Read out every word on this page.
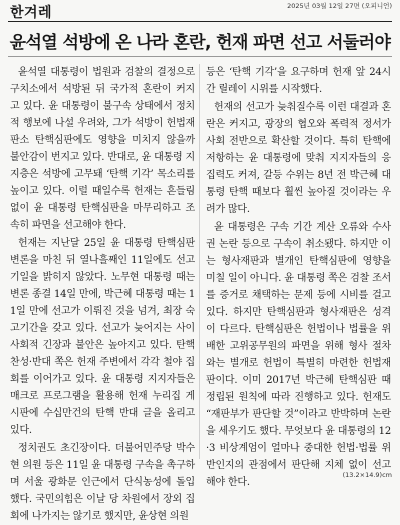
한겨레	2025년 03월 12일 27면 (오피니언)
윤석열 석방에 온 나라 혼란, 헌재 파면 선고 서둘러야

윤석열 대통령이 법원과 검찰의 결정으로 구치소에서 석방된 뒤 국가적 혼란이 커지고 있다. 윤 대통령이 불구속 상태에서 정치적 행보에 나설 우려와, 그가 석방이 헌법재판소 탄핵심판에도 영향을 미치지 않을까 불안감이 번지고 있다. 반대로, 윤 대통령 지지층은 석방에 고무돼 ‘탄핵 기각’ 목소리를 높이고 있다. 이럴 때일수록 헌재는 흔들림 없이 윤 대통령 탄핵심판을 마무리하고 조속히 파면을 선고해야 한다.

헌재는 지난달 25일 윤 대통령 탄핵심판 변론을 마친 뒤 열나흘째인 11일에도 선고기일을 밝히지 않았다. 노무현 대통령 때는 변론 종결 14일 만에, 박근혜 대통령 때는 11일 만에 선고가 이뤄진 것을 넘겨, 최장 숙고기간을 갖고 있다. 선고가 늦어지는 사이 사회적 긴장과 불안은 높아지고 있다. 탄핵 찬성·반대 쪽은 헌재 주변에서 각각 철야 집회를 이어가고 있다. 윤 대통령 지지자들은 매크로 프로그램을 활용해 헌재 누리집 게시판에 수십만건의 탄핵 반대 글을 올리고 있다.

정치권도 초긴장이다. 더불어민주당 박수현 의원 등은 11일 윤 대통령 구속을 촉구하며 서울 광화문 인근에서 단식농성에 돌입했다. 국민의힘은 이날 당 차원에서 장외 집회에 나가지는 않기로 했지만, 윤상현 의원

등은 ‘탄핵 기각’을 요구하며 헌재 앞 24시간 릴레이 시위를 시작했다.

헌재의 선고가 늦춰질수록 이런 대결과 혼란은 커지고, 광장의 협오와 폭력적 정서가 사회 전반으로 확산할 것이다. 특히 탄핵에 저항하는 윤 대통령에 맞춰 지지자들의 응집력도 커져, 갈등 수위는 8년 전 박근혜 대통령 탄핵 때보다 훨씬 높아질 것이라는 우려가 많다.

윤 대통령은 구속 기간 계산 오류와 수사권 논란 등으로 구속이 취소됐다. 하지만 이는 형사재판과 별개인 탄핵심판에 영향을 미칠 일이 아니다. 윤 대통령 쪽은 검찰 조서를 증거로 채택하는 문제 등에 시비를 걸고 있다. 하지만 탄핵심판과 형사재판은 성격이 다르다. 탄핵심판은 헌법이나 법률을 위배한 고위공무원의 파면을 위해 형사 절차와는 별개로 헌법이 특별히 마련한 헌법재판이다. 이미 2017년 박근혜 탄핵심판 때 정립된 원칙에 따라 진행하고 있다. 헌재도 “재판부가 판단할 것”이라고 반박하며 논란을 세우기도 했다. 무엇보다 윤 대통령의 12·3 비상계엄이 얼마나 중대한 헌법·법률 위반인지의 관점에서 판단해 지체 없이 선고해야 한다.

(13.2×14.9)cm
